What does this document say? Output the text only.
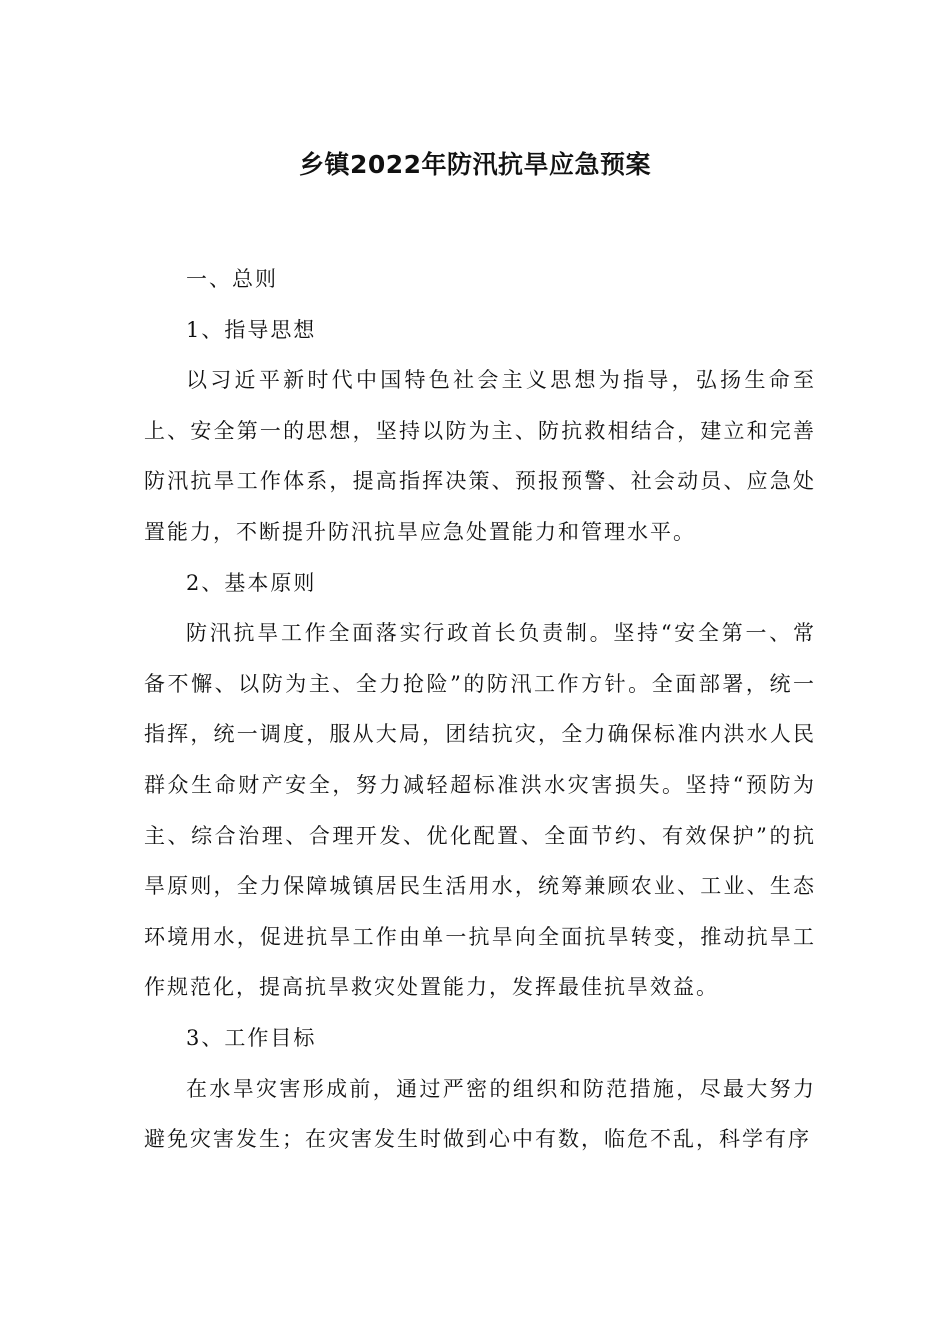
乡镇2022年防汛抗旱应急预案

一、总则

1、指导思想

以习近平新时代中国特色社会主义思想为指导，弘扬生命至上、安全第一的思想，坚持以防为主、防抗救相结合，建立和完善防汛抗旱工作体系，提高指挥决策、预报预警、社会动员、应急处置能力，不断提升防汛抗旱应急处置能力和管理水平。

2、基本原则

防汛抗旱工作全面落实行政首长负责制。坚持“安全第一、常备不懈、以防为主、全力抢险”的防汛工作方针。全面部署，统一指挥，统一调度，服从大局，团结抗灾，全力确保标准内洪水人民群众生命财产安全，努力减轻超标准洪水灾害损失。坚持“预防为主、综合治理、合理开发、优化配置、全面节约、有效保护”的抗旱原则，全力保障城镇居民生活用水，统筹兼顾农业、工业、生态环境用水，促进抗旱工作由单一抗旱向全面抗旱转变，推动抗旱工作规范化，提高抗旱救灾处置能力，发挥最佳抗旱效益。

3、工作目标

在水旱灾害形成前，通过严密的组织和防范措施，尽最大努力避免灾害发生；在灾害发生时做到心中有数，临危不乱，科学有序
